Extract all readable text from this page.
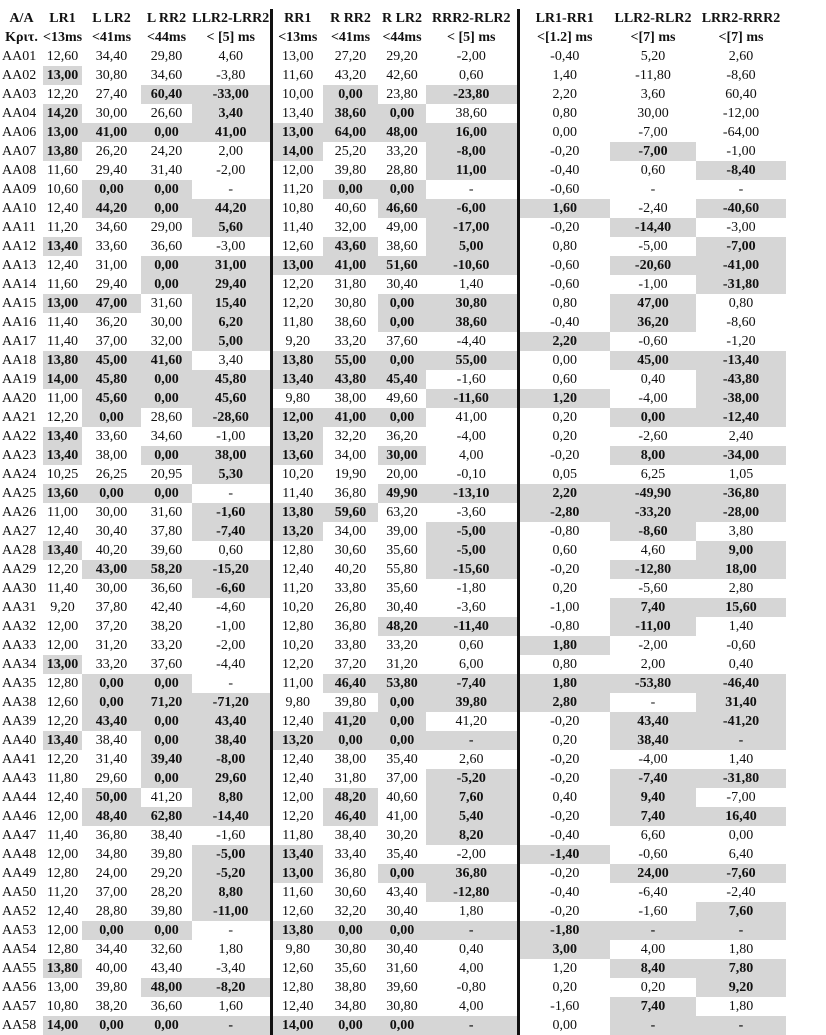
A/A	LR1	L LR2	L RR2	LLR2-LRR2	RR1	R RR2	R LR2	RRR2-RLR2	LR1-RR1	LLR2-RLR2	LRR2-RRR2	
Κριτ.	<13ms	<41ms	<44ms	< [5] ms	<13ms	<41ms	<44ms	< [5] ms	<[1.2] ms	<[7] ms	<[7] ms	
AA01	12,60	34,40	29,80	4,60	13,00	27,20	29,20	-2,00	-0,40	5,20	2,60	
AA02	13,00	30,80	34,60	-3,80	11,60	43,20	42,60	0,60	1,40	-11,80	-8,60	
AA03	12,20	27,40	60,40	-33,00	10,00	0,00	23,80	-23,80	2,20	3,60	60,40	
AA04	14,20	30,00	26,60	3,40	13,40	38,60	0,00	38,60	0,80	30,00	-12,00	
AA06	13,00	41,00	0,00	41,00	13,00	64,00	48,00	16,00	0,00	-7,00	-64,00	
AA07	13,80	26,20	24,20	2,00	14,00	25,20	33,20	-8,00	-0,20	-7,00	-1,00	
AA08	11,60	29,40	31,40	-2,00	12,00	39,80	28,80	11,00	-0,40	0,60	-8,40	
AA09	10,60	0,00	0,00	-	11,20	0,00	0,00	-	-0,60	-	-	
AA10	12,40	44,20	0,00	44,20	10,80	40,60	46,60	-6,00	1,60	-2,40	-40,60	
AA11	11,20	34,60	29,00	5,60	11,40	32,00	49,00	-17,00	-0,20	-14,40	-3,00	
AA12	13,40	33,60	36,60	-3,00	12,60	43,60	38,60	5,00	0,80	-5,00	-7,00	
AA13	12,40	31,00	0,00	31,00	13,00	41,00	51,60	-10,60	-0,60	-20,60	-41,00	
AA14	11,60	29,40	0,00	29,40	12,20	31,80	30,40	1,40	-0,60	-1,00	-31,80	
AA15	13,00	47,00	31,60	15,40	12,20	30,80	0,00	30,80	0,80	47,00	0,80	
AA16	11,40	36,20	30,00	6,20	11,80	38,60	0,00	38,60	-0,40	36,20	-8,60	
AA17	11,40	37,00	32,00	5,00	9,20	33,20	37,60	-4,40	2,20	-0,60	-1,20	
AA18	13,80	45,00	41,60	3,40	13,80	55,00	0,00	55,00	0,00	45,00	-13,40	
AA19	14,00	45,80	0,00	45,80	13,40	43,80	45,40	-1,60	0,60	0,40	-43,80	
AA20	11,00	45,60	0,00	45,60	9,80	38,00	49,60	-11,60	1,20	-4,00	-38,00	
AA21	12,20	0,00	28,60	-28,60	12,00	41,00	0,00	41,00	0,20	0,00	-12,40	
AA22	13,40	33,60	34,60	-1,00	13,20	32,20	36,20	-4,00	0,20	-2,60	2,40	
AA23	13,40	38,00	0,00	38,00	13,60	34,00	30,00	4,00	-0,20	8,00	-34,00	
AA24	10,25	26,25	20,95	5,30	10,20	19,90	20,00	-0,10	0,05	6,25	1,05	
AA25	13,60	0,00	0,00	-	11,40	36,80	49,90	-13,10	2,20	-49,90	-36,80	
AA26	11,00	30,00	31,60	-1,60	13,80	59,60	63,20	-3,60	-2,80	-33,20	-28,00	
AA27	12,40	30,40	37,80	-7,40	13,20	34,00	39,00	-5,00	-0,80	-8,60	3,80	
AA28	13,40	40,20	39,60	0,60	12,80	30,60	35,60	-5,00	0,60	4,60	9,00	
AA29	12,20	43,00	58,20	-15,20	12,40	40,20	55,80	-15,60	-0,20	-12,80	18,00	
AA30	11,40	30,00	36,60	-6,60	11,20	33,80	35,60	-1,80	0,20	-5,60	2,80	
AA31	9,20	37,80	42,40	-4,60	10,20	26,80	30,40	-3,60	-1,00	7,40	15,60	
AA32	12,00	37,20	38,20	-1,00	12,80	36,80	48,20	-11,40	-0,80	-11,00	1,40	
AA33	12,00	31,20	33,20	-2,00	10,20	33,80	33,20	0,60	1,80	-2,00	-0,60	
AA34	13,00	33,20	37,60	-4,40	12,20	37,20	31,20	6,00	0,80	2,00	0,40	
AA35	12,80	0,00	0,00	-	11,00	46,40	53,80	-7,40	1,80	-53,80	-46,40	
AA38	12,60	0,00	71,20	-71,20	9,80	39,80	0,00	39,80	2,80	-	31,40	
AA39	12,20	43,40	0,00	43,40	12,40	41,20	0,00	41,20	-0,20	43,40	-41,20	
AA40	13,40	38,40	0,00	38,40	13,20	0,00	0,00	-	0,20	38,40	-	
AA41	12,20	31,40	39,40	-8,00	12,40	38,00	35,40	2,60	-0,20	-4,00	1,40	
AA43	11,80	29,60	0,00	29,60	12,40	31,80	37,00	-5,20	-0,20	-7,40	-31,80	
AA44	12,40	50,00	41,20	8,80	12,00	48,20	40,60	7,60	0,40	9,40	-7,00	
AA46	12,00	48,40	62,80	-14,40	12,20	46,40	41,00	5,40	-0,20	7,40	16,40	
AA47	11,40	36,80	38,40	-1,60	11,80	38,40	30,20	8,20	-0,40	6,60	0,00	
AA48	12,00	34,80	39,80	-5,00	13,40	33,40	35,40	-2,00	-1,40	-0,60	6,40	
AA49	12,80	24,00	29,20	-5,20	13,00	36,80	0,00	36,80	-0,20	24,00	-7,60	
AA50	11,20	37,00	28,20	8,80	11,60	30,60	43,40	-12,80	-0,40	-6,40	-2,40	
AA52	12,40	28,80	39,80	-11,00	12,60	32,20	30,40	1,80	-0,20	-1,60	7,60	
AA53	12,00	0,00	0,00	-	13,80	0,00	0,00	-	-1,80	-	-	
AA54	12,80	34,40	32,60	1,80	9,80	30,80	30,40	0,40	3,00	4,00	1,80	
AA55	13,80	40,00	43,40	-3,40	12,60	35,60	31,60	4,00	1,20	8,40	7,80	
AA56	13,00	39,80	48,00	-8,20	12,80	38,80	39,60	-0,80	0,20	0,20	9,20	
AA57	10,80	38,20	36,60	1,60	12,40	34,80	30,80	4,00	-1,60	7,40	1,80	
AA58	14,00	0,00	0,00	-	14,00	0,00	0,00	-	0,00	-	-	
